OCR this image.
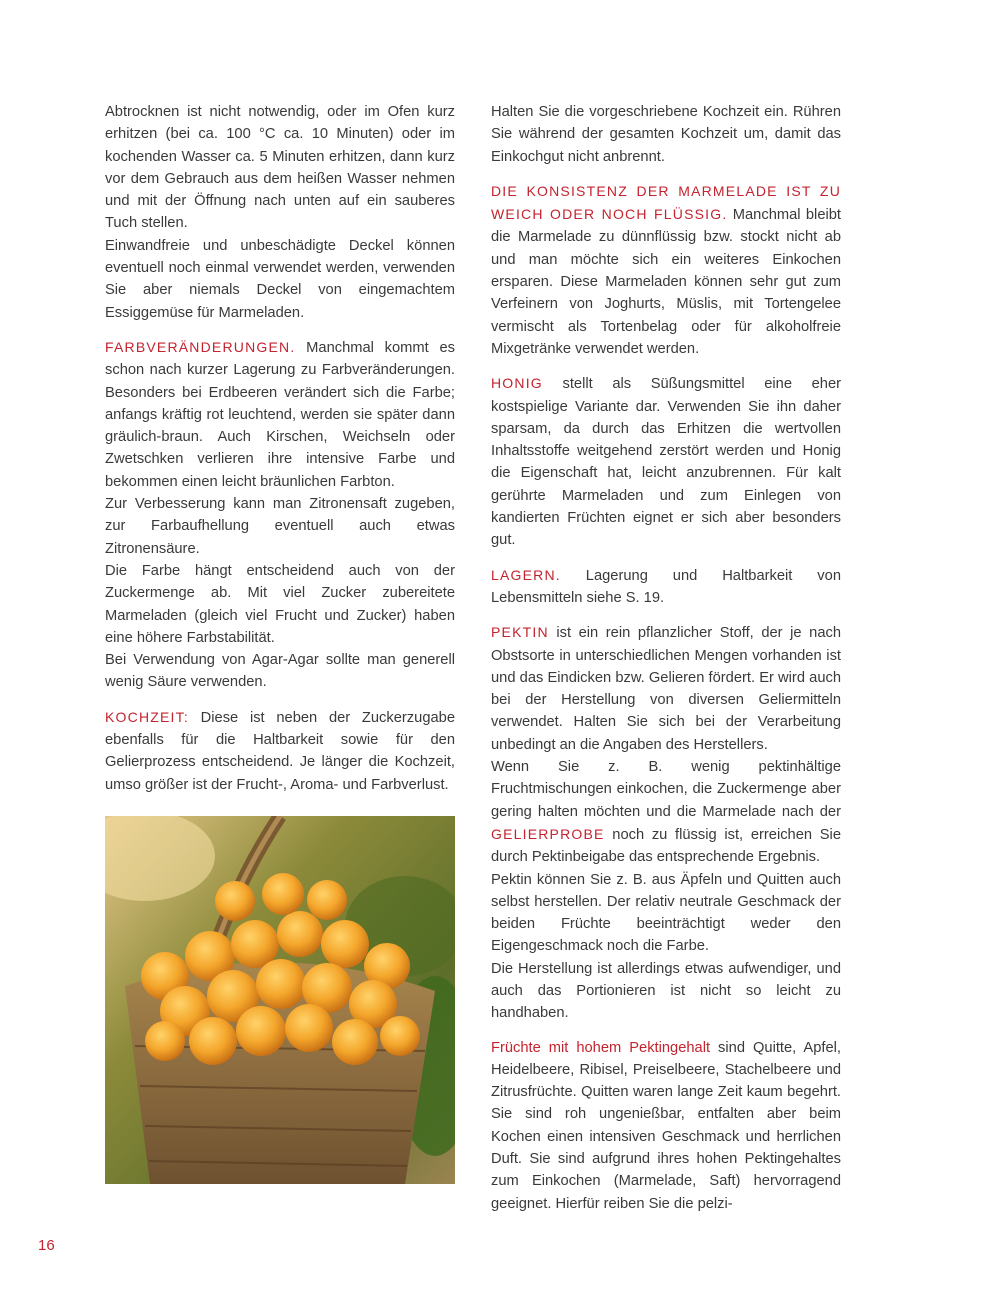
Abtrocknen ist nicht notwendig, oder im Ofen kurz erhitzen (bei ca. 100 °C ca. 10 Minuten) oder im kochenden Wasser ca. 5 Minuten erhitzen, dann kurz vor dem Gebrauch aus dem heißen Wasser nehmen und mit der Öffnung nach unten auf ein sauberes Tuch stellen.

Einwandfreie und unbeschädigte Deckel können eventuell noch einmal verwendet werden, verwenden Sie aber niemals Deckel von eingemachtem Essiggemüse für Marmeladen.

FARBVERÄNDERUNGEN. Manchmal kommt es schon nach kurzer Lagerung zu Farbveränderungen. Besonders bei Erdbeeren verändert sich die Farbe; anfangs kräftig rot leuchtend, werden sie später dann gräulich-braun. Auch Kirschen, Weichseln oder Zwetschken verlieren ihre intensive Farbe und bekommen einen leicht bräunlichen Farbton.

Zur Verbesserung kann man Zitronensaft zugeben, zur Farbaufhellung eventuell auch etwas Zitronensäure.

Die Farbe hängt entscheidend auch von der Zuckermenge ab. Mit viel Zucker zubereitete Marmeladen (gleich viel Frucht und Zucker) haben eine höhere Farbstabilität.

Bei Verwendung von Agar-Agar sollte man generell wenig Säure verwenden.

KOCHZEIT: Diese ist neben der Zuckerzugabe ebenfalls für die Haltbarkeit sowie für den Gelierprozess entscheidend. Je länger die Kochzeit, umso größer ist der Frucht-, Aroma- und Farbverlust.

Halten Sie die vorgeschriebene Kochzeit ein. Rühren Sie während der gesamten Kochzeit um, damit das Einkochgut nicht anbrennt.

DIE KONSISTENZ DER MARMELADE IST ZU WEICH ODER NOCH FLÜSSIG. Manchmal bleibt die Marmelade zu dünnflüssig bzw. stockt nicht ab und man möchte sich ein weiteres Einkochen ersparen. Diese Marmeladen können sehr gut zum Verfeinern von Joghurts, Müslis, mit Tortengelee vermischt als Tortenbelag oder für alkoholfreie Mixgetränke verwendet werden.

HONIG stellt als Süßungsmittel eine eher kostspielige Variante dar. Verwenden Sie ihn daher sparsam, da durch das Erhitzen die wertvollen Inhaltsstoffe weitgehend zerstört werden und Honig die Eigenschaft hat, leicht anzubrennen. Für kalt gerührte Marmeladen und zum Einlegen von kandierten Früchten eignet er sich aber besonders gut.

LAGERN. Lagerung und Haltbarkeit von Lebensmitteln siehe S. 19.

PEKTIN ist ein rein pflanzlicher Stoff, der je nach Obstsorte in unterschiedlichen Mengen vorhanden ist und das Eindicken bzw. Gelieren fördert. Er wird auch bei der Herstellung von diversen Geliermitteln verwendet. Halten Sie sich bei der Verarbeitung unbedingt an die Angaben des Herstellers.

Wenn Sie z. B. wenig pektinhältige Fruchtmischungen einkochen, die Zuckermenge aber gering halten möchten und die Marmelade nach der GELIERPROBE noch zu flüssig ist, erreichen Sie durch Pektinbeigabe das entsprechende Ergebnis.

Pektin können Sie z. B. aus Äpfeln und Quitten auch selbst herstellen. Der relativ neutrale Geschmack der beiden Früchte beeinträchtigt weder den Eigengeschmack noch die Farbe.

Die Herstellung ist allerdings etwas aufwendiger, und auch das Portionieren ist nicht so leicht zu handhaben.

Früchte mit hohem Pektingehalt sind Quitte, Apfel, Heidelbeere, Ribisel, Preiselbeere, Stachelbeere und Zitrusfrüchte. Quitten waren lange Zeit kaum begehrt. Sie sind roh ungenießbar, entfalten aber beim Kochen einen intensiven Geschmack und herrlichen Duft. Sie sind aufgrund ihres hohen Pektingehaltes zum Einkochen (Marmelade, Saft) hervorragend geeignet. Hierfür reiben Sie die pelzi-

16
